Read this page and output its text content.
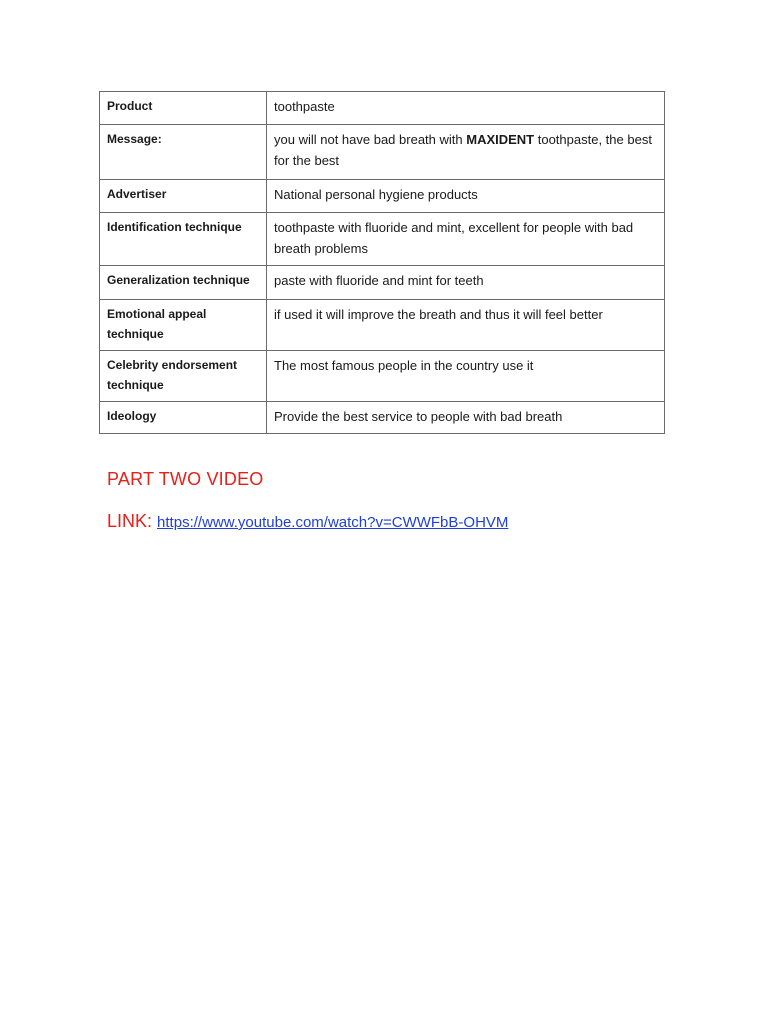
Product	toothpaste
Message:	you will not have bad breath with MAXIDENT toothpaste, the best for the best
Advertiser	National personal hygiene products
Identification technique	toothpaste with fluoride and mint, excellent for people with bad breath problems
Generalization technique	paste with fluoride and mint for teeth
Emotional appeal technique	if used it will improve the breath and thus it will feel better
Celebrity endorsement technique	The most famous people in the country use it
Ideology	Provide the best service to people with bad breath
PART TWO VIDEO
LINK: https://www.youtube.com/watch?v=CWWFbB-OHVM
